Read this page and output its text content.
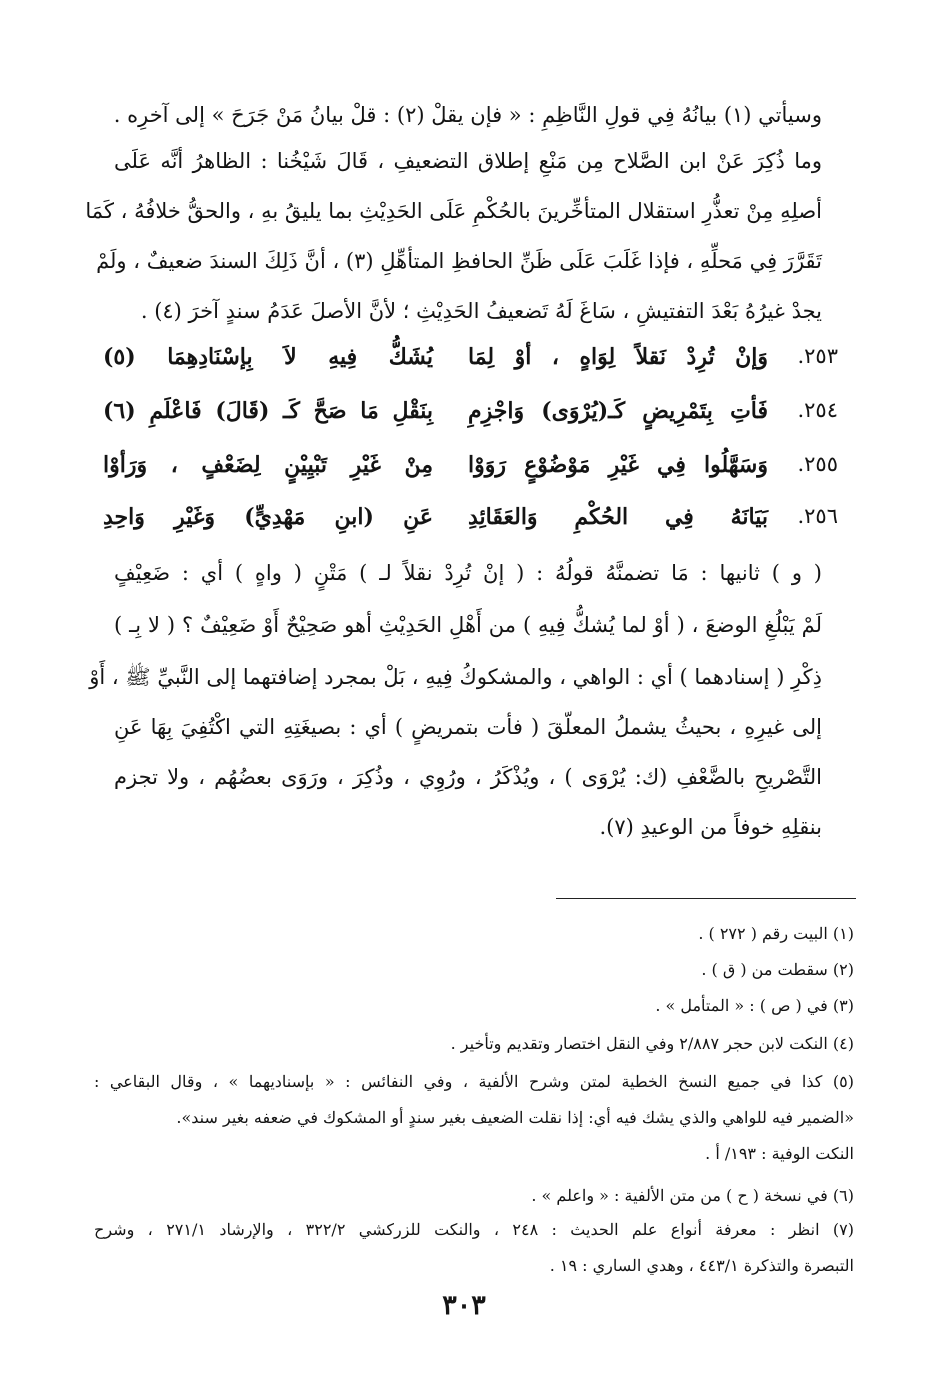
وسيأتي (١) بيانُهُ فِي قولِ النَّاظِمِ : « فإن يقلْ (٢) : قلْ بيانُ مَنْ جَرَحَ » إلى آخرِه .
وما ذُكِرَ عَنْ ابن الصَّلاح مِن مَنْعِ إطلاق التضعيفِ ، قَالَ شَيْخُنا : الظاهرُ أنَّه عَلَى
أصلِهِ مِنْ تعذُّرِ استقلال المتأخِّرينَ بالحُكْمِ عَلَى الحَدِيْثِ بما يليقُ بهِ ، والحقُّ خلافُهُ ، كَمَا
تَقَرَّرَ فِي مَحلِّهِ ، فإذا غَلَبَ عَلَى ظَنِّ الحافظِ المتأهِّلِ (٣) ، أنَّ ذَلِكَ السندَ ضعيفٌ ، ولَمْ
يجدْ غيرُهُ بَعْدَ التفتيشِ ، سَاغَ لَهُ تَضعيفُ الحَدِيْثِ ؛ لأنَّ الأصلَ عَدَمُ سندٍ آخرَ (٤) .
٢٥٣.
وَإنْ تُرِدْ نَقلاً لِوَاهٍ ، أوْ لِمَا
يُشَكُّ فِيهِ لاَ بِإسْنَادِهِمَا (٥)
٢٥٤.
فَأتِ بِتَمْرِيضٍ كَـ(يُرْوَى) وَاجْزِمِ
بِنَقْلِ مَا صَحَّ كَـ (قَالَ) فَاعْلَمِ (٦)
٢٥٥.
وَسَهَّلُوا فِي غَيْرِ مَوْضُوْعٍ رَوَوْا
مِنْ غَيْرِ تَبْيِيْنٍ لِضَعْفٍ ، وَرَأوْا
٢٥٦.
بَيَانَهُ فِي الحُكْمِ وَالعَقَائِدِ
عَنِ (ابنِ مَهْدِيٍّ) وَغَيْرِ وَاحِدِ
( و ) ثانيها : مَا تضمنَّهُ قولُهُ : ( إنْ تُرِدْ نقلاً لـ ) مَتْنٍ ( واهٍ ) أي : ضَعِيْفٍ
لَمْ يَبْلُغِ الوضعَ ، ( أوْ لما يُشكُّ فِيهِ ) من أَهْلِ الحَدِيْثِ أهو صَحِيْحٌ أَوْ ضَعِيْفٌ ؟ ( لا بِـ )
ذِكْرِ ( إسنادهما ) أي : الواهي ، والمشكوكُ فِيهِ ، بَلْ بمجرد إضافتهما إلى النَّبيِّ ﷺ ، أَوْ
إلى غيرِهِ ، بحيثُ يشملُ المعلّقَ ( فأت بتمريضٍ ) أي : بصيغَتِهِ التي اكْتُفِيَ بِهَا عَنِ
التَّصْريحِ بالضَّعْفِ (ك: يُرْوَى ) ، ويُذْكَرُ ، ورُوِي ، وذُكِرَ ، ورَوَى بعضُهُم ، ولا تجزم
بنقلِهِ خوفاً من الوعيدِ (٧).
(١) البيت رقم ( ٢٧٢ ) .
(٢) سقطت من ( ق ) .
(٣) في ( ص ) : « المتأمل » .
(٤) النكت لابن حجر ٢/٨٨٧ وفي النقل اختصار وتقديم وتأخير .
(٥) كذا في جميع النسخ الخطية لمتن وشرح الألفية ، وفي النفائس : « بإسناديهما » ، وقال البقاعي :
«الضمير فيه للواهي والذي يشك فيه أي: إذا نقلت الضعيف بغير سندٍ أو المشكوك في ضعفه بغير سند».
النكت الوفية : ١٩٣/ أ .
(٦) في نسخة ( ح ) من متن الألفية : « واعلم » .
(٧) انظر : معرفة أنواع علم الحديث : ٢٤٨ ، والنكت للزركشي ٣٢٢/٢ ، والإرشاد ٢٧١/١ ، وشرح
التبصرة والتذكرة ٤٤٣/١ ، وهدي الساري : ١٩ .
٣٠٣
